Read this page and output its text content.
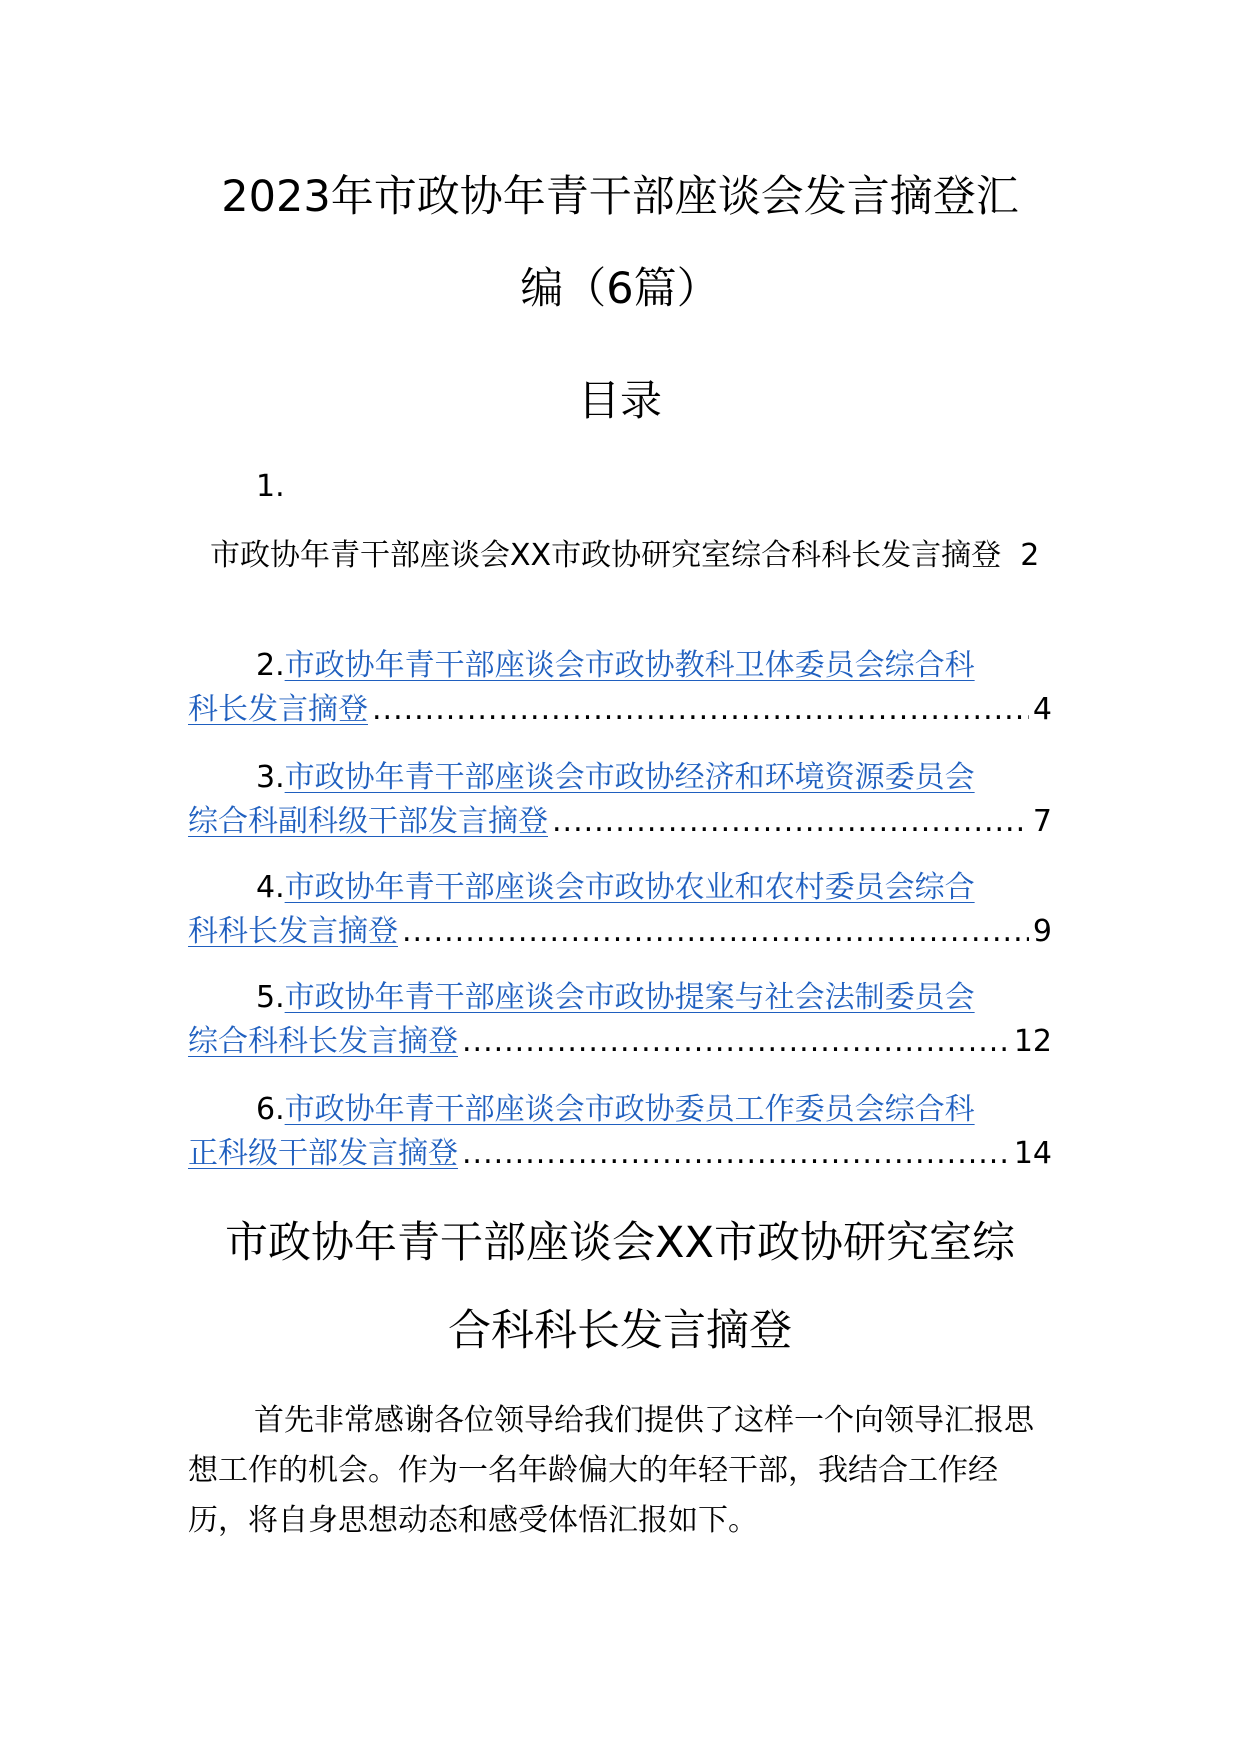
2023年市政协年青干部座谈会发言摘登汇
编（6篇）
目录
1.
市政协年青干部座谈会XX市政协研究室综合科科长发言摘登 2
2.市政协年青干部座谈会市政协教科卫体委员会综合科
科长发言摘登 .....	4
3.市政协年青干部座谈会市政协经济和环境资源委员会
综合科副科级干部发言摘登 .....	7
4.市政协年青干部座谈会市政协农业和农村委员会综合
科科长发言摘登 .....	9
5.市政协年青干部座谈会市政协提案与社会法制委员会
综合科科长发言摘登 .....	12
6.市政协年青干部座谈会市政协委员工作委员会综合科
正科级干部发言摘登 .....	14
市政协年青干部座谈会XX市政协研究室综
合科科长发言摘登

首先非常感谢各位领导给我们提供了这样一个向领导汇报思想工作的机会。作为一名年龄偏大的年轻干部，我结合工作经历，将自身思想动态和感受体悟汇报如下。
